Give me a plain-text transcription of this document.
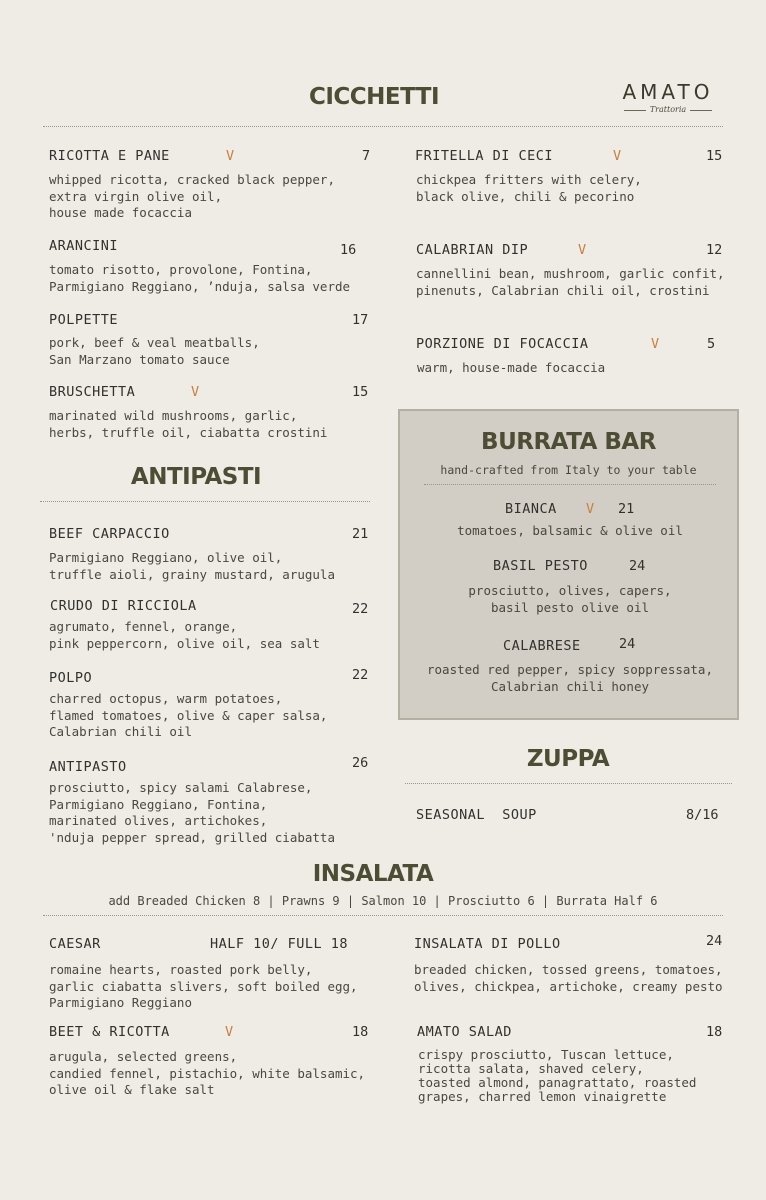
AMATO
Trattoria
CICCHETTI
RICOTTA E PANE	V	7
whipped ricotta, cracked black pepper,
extra virgin olive oil,
house made focaccia
ARANCINI	16
tomato risotto, provolone, Fontina,
Parmigiano Reggiano, ’nduja, salsa verde
POLPETTE	17
pork, beef & veal meatballs,
San Marzano tomato sauce
BRUSCHETTA	V	15
marinated wild mushrooms, garlic,
herbs, truffle oil, ciabatta crostini
FRITELLA DI CECI	V	15
chickpea fritters with celery,
black olive, chili & pecorino
CALABRIAN DIP	V	12
cannellini bean, mushroom, garlic confit,
pinenuts, Calabrian chili oil, crostini
PORZIONE DI FOCACCIA	V	5
warm, house-made focaccia
ANTIPASTI
BEEF CARPACCIO	21
Parmigiano Reggiano, olive oil,
truffle aioli, grainy mustard, arugula
CRUDO DI RICCIOLA	22
agrumato, fennel, orange,
pink peppercorn, olive oil, sea salt
POLPO	22
charred octopus, warm potatoes,
flamed tomatoes, olive & caper salsa,
Calabrian chili oil
ANTIPASTO	26
prosciutto, spicy salami Calabrese,
Parmigiano Reggiano, Fontina,
marinated olives, artichokes,
'nduja pepper spread, grilled ciabatta
BURRATA BAR
hand-crafted from Italy to your table
BIANCA V 21
tomatoes, balsamic & olive oil
BASIL PESTO	24
prosciutto, olives, capers,
basil pesto olive oil
CALABRESE	24
roasted red pepper, spicy soppressata,
Calabrian chili honey
ZUPPA
SEASONAL  SOUP	8/16
INSALATA
add Breaded Chicken 8 | Prawns 9 | Salmon 10 | Prosciutto 6 | Burrata Half 6
CAESAR	HALF 10/ FULL 18
romaine hearts, roasted pork belly,
garlic ciabatta slivers, soft boiled egg,
Parmigiano Reggiano
BEET & RICOTTA	V	18
arugula, selected greens,
candied fennel, pistachio, white balsamic,
olive oil & flake salt
INSALATA DI POLLO	24
breaded chicken, tossed greens, tomatoes,
olives, chickpea, artichoke, creamy pesto
AMATO SALAD	18
crispy prosciutto, Tuscan lettuce,
ricotta salata, shaved celery,
toasted almond, panagrattato, roasted
grapes, charred lemon vinaigrette
